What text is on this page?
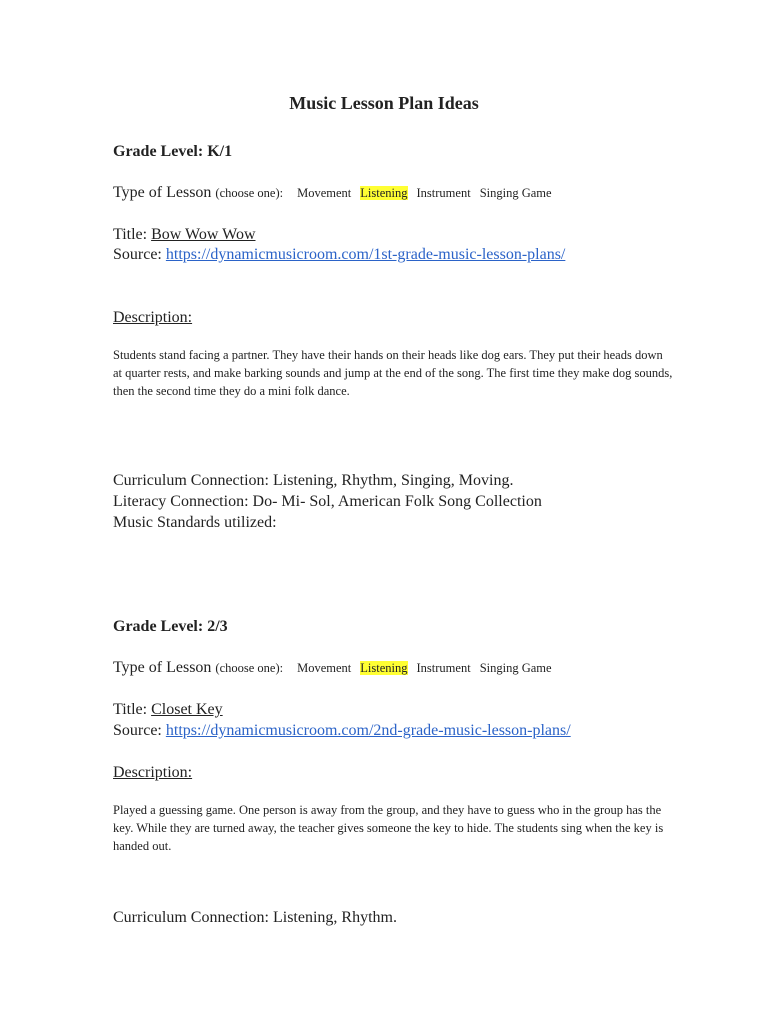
Music Lesson Plan Ideas
Grade Level: K/1
Type of Lesson (choose one): Movement Listening Instrument Singing Game
Title: Bow Wow Wow
Source: https://dynamicmusicroom.com/1st-grade-music-lesson-plans/
Description:
Students stand facing a partner. They have their hands on their heads like dog ears. They put their heads down at quarter rests, and make barking sounds and jump at the end of the song. The first time they make dog sounds, then the second time they do a mini folk dance.
Curriculum Connection: Listening, Rhythm, Singing, Moving.
Literacy Connection: Do- Mi- Sol, American Folk Song Collection
Music Standards utilized:
Grade Level: 2/3
Type of Lesson (choose one): Movement Listening Instrument Singing Game
Title: Closet Key
Source: https://dynamicmusicroom.com/2nd-grade-music-lesson-plans/
Description:
Played a guessing game. One person is away from the group, and they have to guess who in the group has the key. While they are turned away, the teacher gives someone the key to hide. The students sing when the key is handed out.
Curriculum Connection: Listening, Rhythm.
